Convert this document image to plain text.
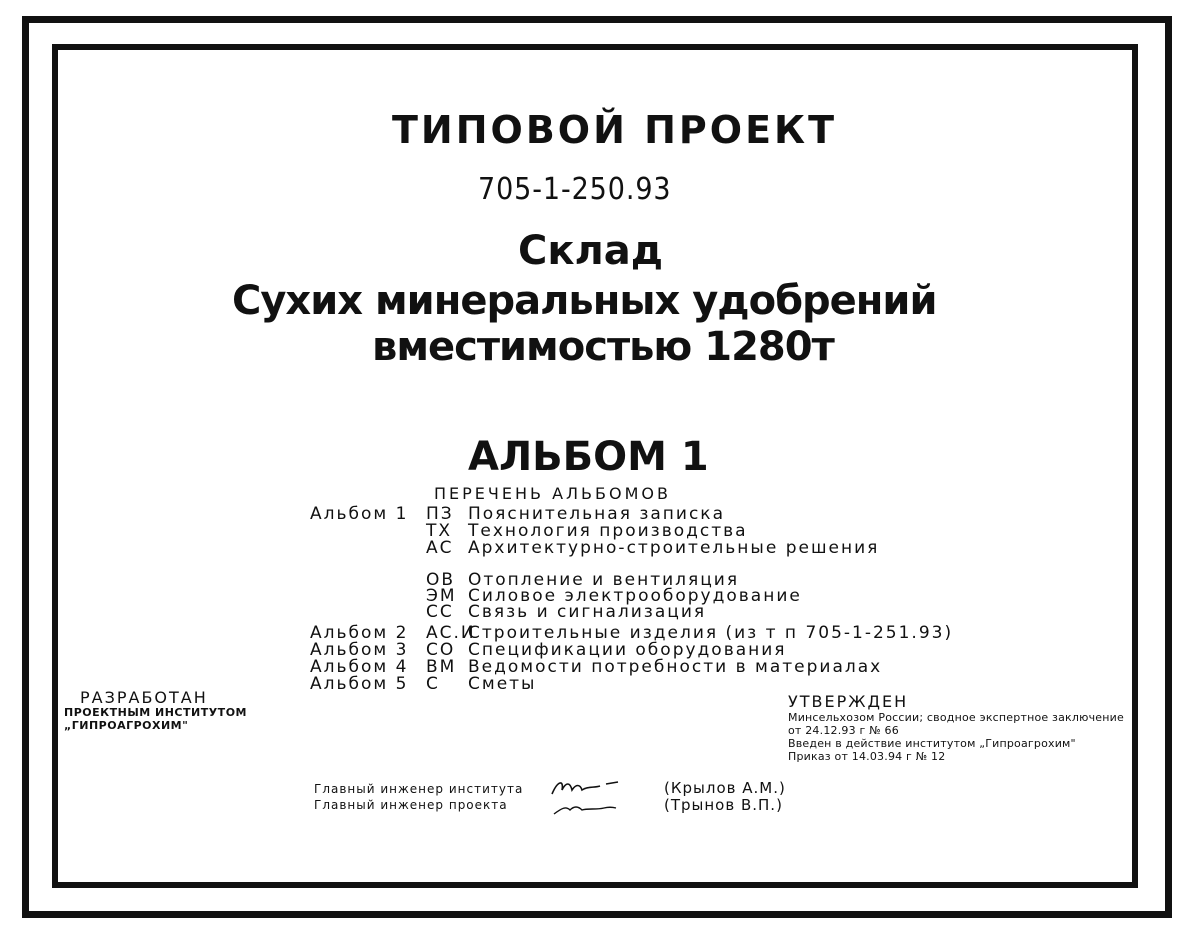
ТИПОВОЙ ПРОЕКТ
705-1-250.93
Склад
Сухих минеральных удобрений
вместимостью 1280т
АЛЬБОМ 1
ПЕРЕЧЕНЬ АЛЬБОМОВ
Альбом 1 ПЗ Пояснительная записка
ТХ Технология производства
АС Архитектурно-строительные решения
ОВ Отопление и вентиляция
ЭМ Силовое электрооборудование
СС Связь и сигнализация
Альбом 2 АС.И
Строительные изделия (из т п 705-1-251.93)
Альбом 3 СО Спецификации оборудования
Альбом 4 ВМ Ведомости потребности в материалах
Альбом 5 С Сметы
РАЗРАБОТАН
ПРОЕКТНЫМ ИНСТИТУТОМ
„ГИПРОАГРОХИМ"
УТВЕРЖДЕН
Минсельхозом России; сводное экспертное заключение
от 24.12.93 г № 66
Введен в действие институтом „Гипроагрохим"
Приказ от 14.03.94 г № 12
Главный инженер института
Главный инженер проекта
(Крылов А.М.)
(Трынов В.П.)
